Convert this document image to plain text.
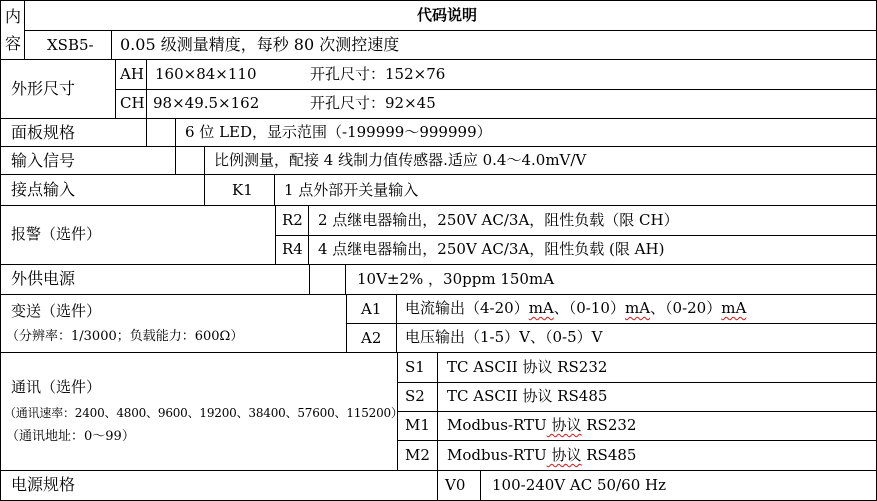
内
容
代码说明
XSB5- 0.05 级测量精度，每秒 80 次测控速度
外形尺寸
AH 160×84×110	开孔尺寸：152×76
CH 98×49.5×162	开孔尺寸：92×45
面板规格	6 位 LED，显示范围（-199999～999999）
输入信号	比例测量，配接 4 线制力值传感器.适应 0.4～4.0mV/V
接点输入	K1 1 点外部开关量输入
报警（选件）
R2 2 点继电器输出，250V AC/3A，阻性负载（限 CH）
R4 4 点继电器输出，250V AC/3A，阻性负载 (限 AH)
外供电源	10V±2% ，30ppm 150mA
变送（选件）
（分辨率：1/3000；负载能力：600Ω）
A1 电流输出（4-20）mA、（0-10）mA、（0-20）mA
A2 电压输出（1-5）V、（0-5）V
通讯（选件）
（通讯速率：2400、4800、9600、19200、38400、57600、115200）
（通讯地址：0～99）
S1 TC ASCII 协议 RS232
S2 TC ASCII 协议 RS485
M1 Modbus-RTU 协议 RS232
M2 Modbus-RTU 协议 RS485
电源规格	V0 100-240V AC 50/60 Hz
